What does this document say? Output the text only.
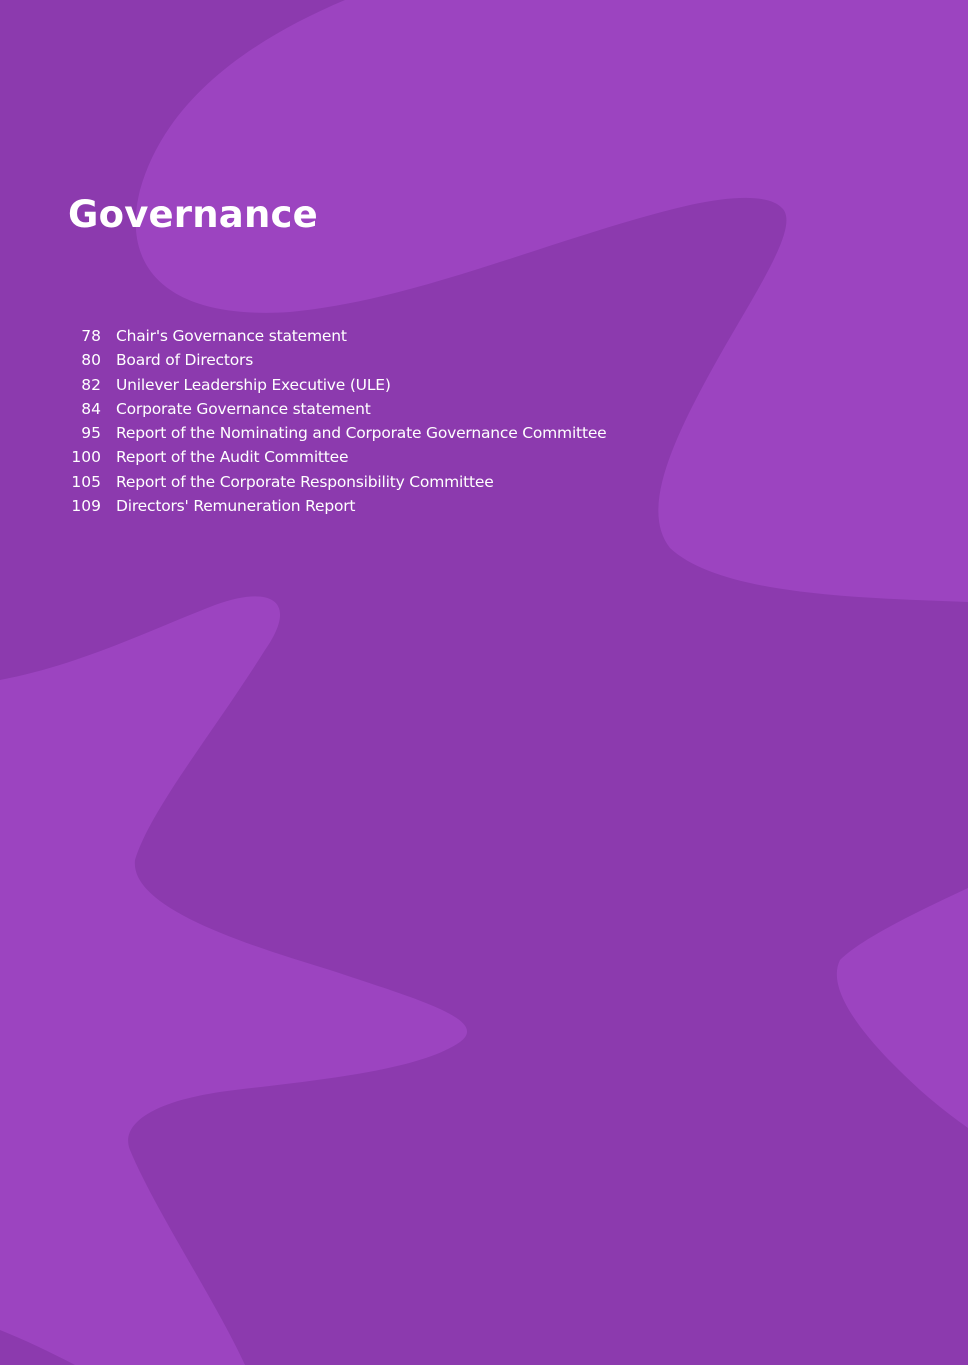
Governance
78 Chair's Governance statement
80 Board of Directors
82 Unilever Leadership Executive (ULE)
84 Corporate Governance statement
95 Report of the Nominating and Corporate Governance Committee
100 Report of the Audit Committee
105 Report of the Corporate Responsibility Committee
109 Directors' Remuneration Report
